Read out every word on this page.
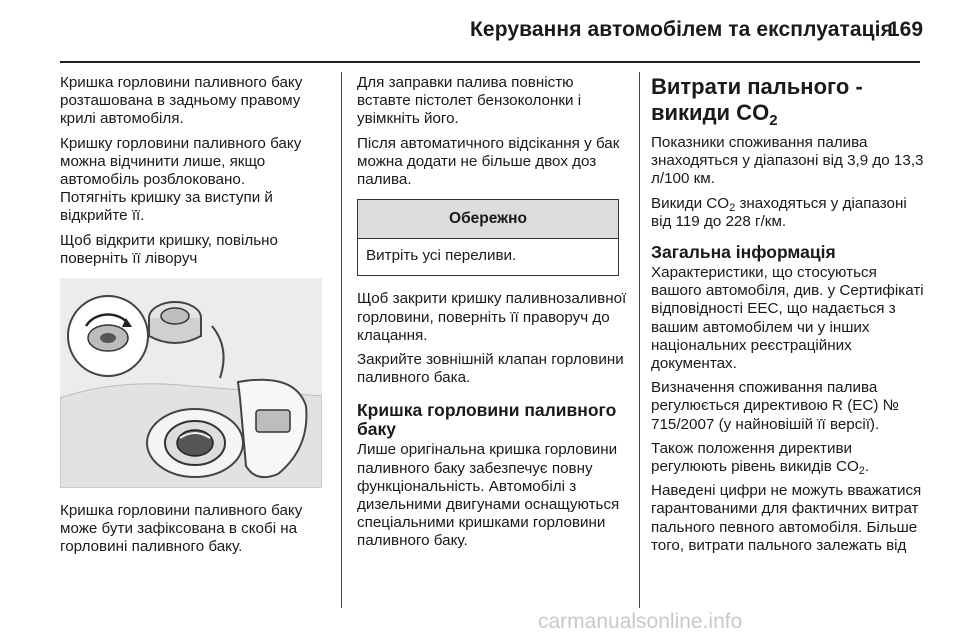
Керування автомобілем та експлуатація
169

Кришка горловини паливного баку розташована в задньому правому крилі автомобіля.

Кришку горловини паливного баку можна відчинити лише, якщо автомобіль розблоковано.

Потягніть кришку за виступи й відкрийте її.

Щоб відкрити кришку, повільно поверніть її ліворуч

Кришка горловини паливного баку може бути зафіксована в скобі на горловині паливного баку.

Для заправки палива повністю вставте пістолет бензоколонки і увімкніть його.

Після автоматичного відсікання у бак можна додати не більше двох доз палива.

Обережно
Витріть усі переливи.

Щоб закрити кришку паливнозаливної горловини, поверніть її праворуч до клацання.

Закрийте зовнішній клапан горловини паливного бака.

Кришка горловини паливного баку

Лише оригінальна кришка горловини паливного баку забезпечує повну функціональність. Автомобілі з дизельними двигунами оснащуються спеціальними кришками горловини паливного баку.

Витрати пального - викиди $CO_2$

Показники споживання палива знаходяться у діапазоні від 3,9 до 13,3 л/100 км.

Викиди $CO_2$ знаходяться у діапазоні від 119 до 228 г/км.

Загальна інформація

Характеристики, що стосуються вашого автомобіля, див. у Сертифікаті відповідності ЕЕС, що надається з вашим автомобілем чи у інших національних реєстраційних документах.

Визначення споживання палива регулюється директивою R (EC) № 715/2007 (у найновішій її версії).

Також положення директиви регулюють рівень викидів $CO_2$.

Наведені цифри не можуть вважатися гарантованими для фактичних витрат пального певного автомобіля. Більше того, витрати пального залежать від

carmanualsonline.info
